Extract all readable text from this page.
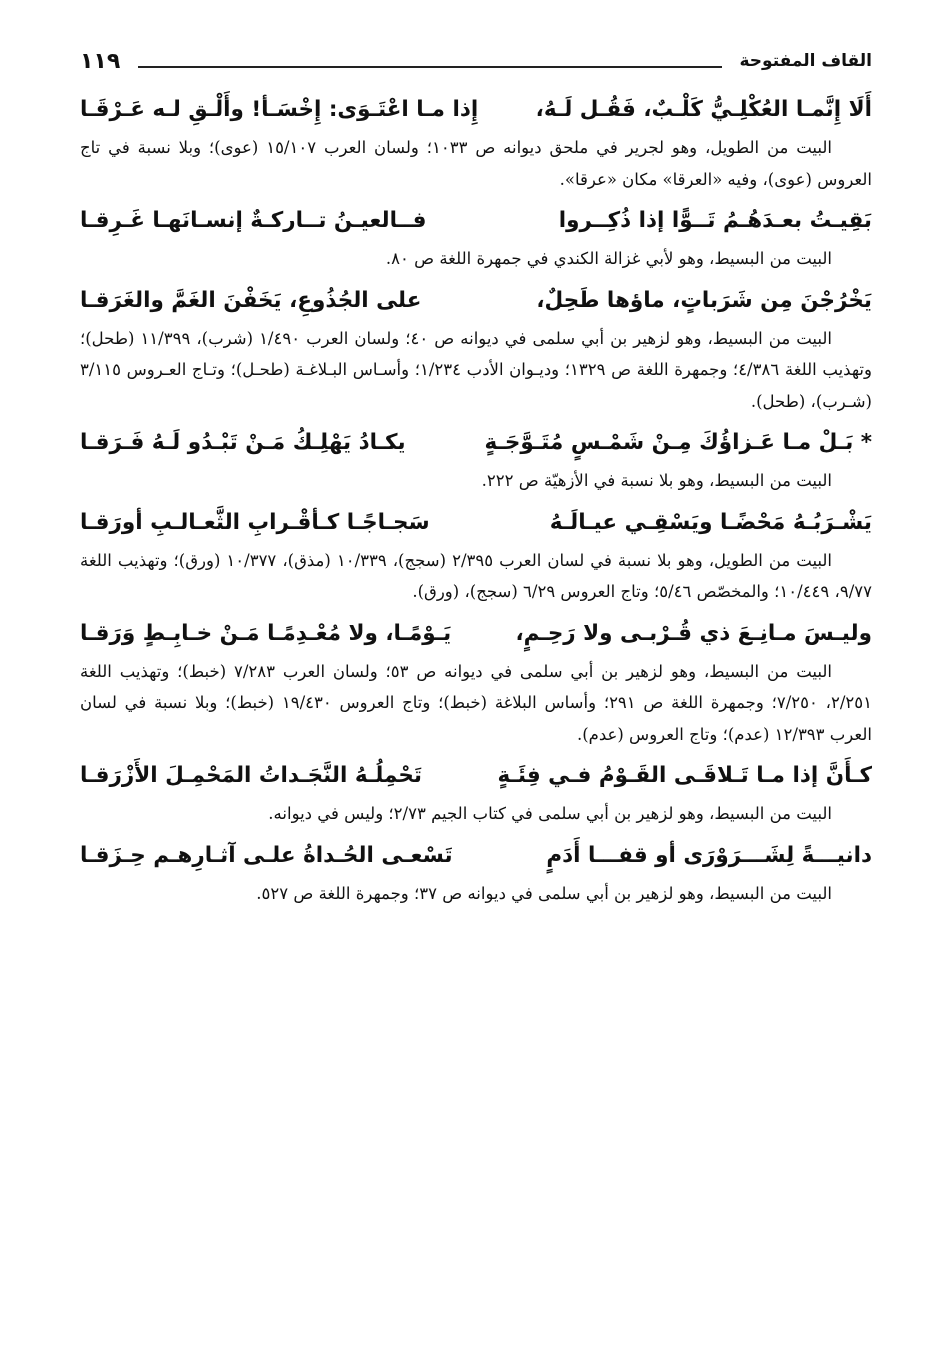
القاف المفتوحة
١١٩
أَلَا إِنَّمـا العُكْلِـيُّ كَلْـبٌ، فَقُـل لَـهُ،
إِذا مـا اعْتَـوَى: إِخْسَـأ! وأَلْـقِ لـه عَـرْقَـا

البيت من الطويل، وهو لجرير في ملحق ديوانه ص ١٠٣٣؛ ولسان العرب ١٥/١٠٧ (عوى)؛ وبلا نسبة في تاج العروس (عوى)، وفيه «العرقا» مكان «عرقا».

بَقِيـتُ بعـدَهُـمُ تَــوًّا إذا ذُكِــروا
فــالعيـنُ تــاركـةٌ إنسـانَهـا غَـرِقـا

البيت من البسيط، وهو لأبي غزالة الكندي في جمهرة اللغة ص ٨٠.

يَخْرُجْنَ مِن شَرَباتٍ، ماؤها طَحِلٌ،
على الجُذُوعِ، يَخَفْنَ الغَمَّ والغَرَقـا

البيت من البسيط، وهو لزهير بن أبي سلمى في ديوانه ص ٤٠؛ ولسان العرب ١/٤٩٠ (شرب)، ١١/٣٩٩ (طحل)؛ وتهذيب اللغة ٤/٣٨٦؛ وجمهرة اللغة ص ١٣٢٩؛ وديـوان الأدب ١/٢٣٤؛ وأسـاس البـلاغـة (طحـل)؛ وتـاج العـروس ٣/١١٥ (شـرب)، (طحل).

* بَـلْ مـا عَـزاؤُكَ مِـنْ شَمْـسٍ مُتَـوَّجَـةٍ
يكـادُ يَهْلِـكُ مَـنْ تَبْـدُو لَـهُ فَـرَقـا

البيت من البسيط، وهو بلا نسبة في الأزهيّة ص ٢٢٢.

يَشْـرَبُـهُ مَحْضًـا ويَسْقِـي عيـالَـهُ
سَجـاجًـا كـأقْـرابِ الثَّعـالـبِ أورَقـا

البيت من الطويل، وهو بلا نسبة في لسان العرب ٢/٣٩٥ (سجج)، ١٠/٣٣٩ (مذق)، ١٠/٣٧٧ (ورق)؛ وتهذيب اللغة ٩/٧٧، ١٠/٤٤٩؛ والمخصّص ٥/٤٦؛ وتاج العروس ٦/٢٩ (سجج)، (ورق).

وليـسَ مـانِـعَ ذي قُـرْبـى ولا رَحِـمٍ،
يَـوْمًـا، ولا مُعْـدِمًـا مَـنْ خـابِـطٍ وَرَقـا

البيت من البسيط، وهو لزهير بن أبي سلمى في ديوانه ص ٥٣؛ ولسان العرب ٧/٢٨٣ (خبط)؛ وتهذيب اللغة ٢/٢٥١، ٧/٢٥٠؛ وجمهرة اللغة ص ٢٩١؛ وأساس البلاغة (خبط)؛ وتاج العروس ١٩/٤٣٠ (خبط)؛ وبلا نسبة في لسان العرب ١٢/٣٩٣ (عدم)؛ وتاج العروس (عدم).

كـأَنَّ إذا مـا تَـلاقَـى القَـوْمُ فـي فِئَـةٍ
تَحْمِلُـهُ النَّجَـداتُ المَحْمِـلَ الأَزْرَقـا

البيت من البسيط، وهو لزهير بن أبي سلمى في كتاب الجيم ٢/٧٣؛ وليس في ديوانه.

دانيـــةً لِشَـــرَوْرَى أو قفـــا أَدَمٍ
تَسْعـى الحُـداةُ علـى آثـارِهـم حِـزَقـا

البيت من البسيط، وهو لزهير بن أبي سلمى في ديوانه ص ٣٧؛ وجمهرة اللغة ص ٥٢٧.
